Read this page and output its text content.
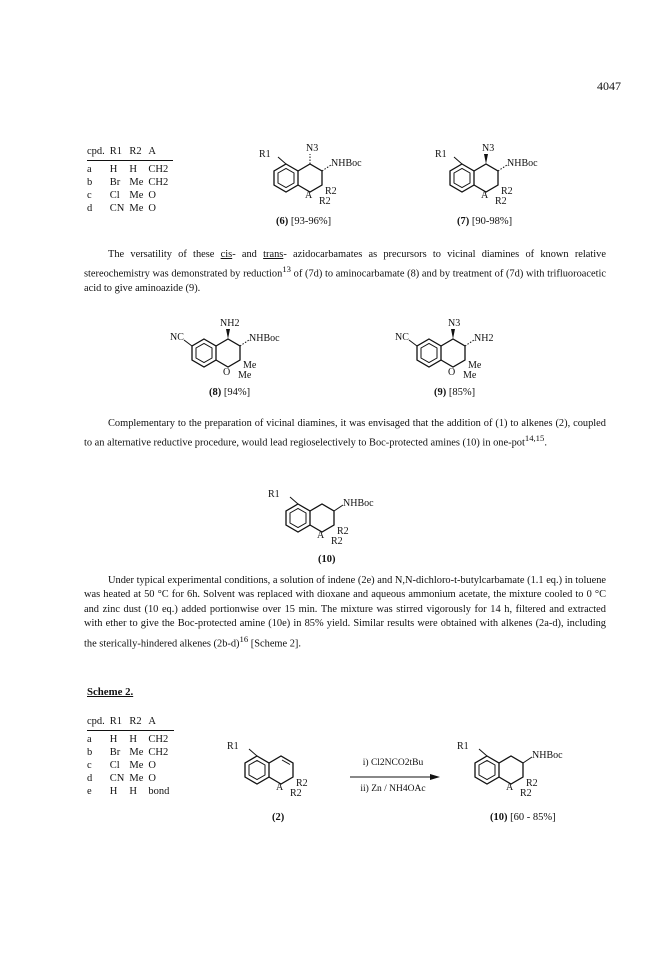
4047
cpd.	R1	R2	A
a	H	H	CH2
b	Br	Me	CH2
c	Cl	Me	O
d	CN	Me	O
R1
N3
NHBoc
A R2
R2
(6) [93-96%]
R1
N3
NHBoc
A R2
R2
(7) [90-98%]

The versatility of these cis- and trans- azidocarbamates as precursors to vicinal diamines of known relative stereochemistry was demonstrated by reduction$^{13}$ of (7d) to aminocarbamate (8) and by treatment of (7d) with trifluoroacetic acid to give aminoazide (9).

NC
NH2
NHBoc
O
Me
Me
(8) [94%]
NC
N3
NH2
O
Me
Me
(9) [85%]

Complementary to the preparation of vicinal diamines, it was envisaged that the addition of (1) to alkenes (2), coupled to an alternative reductive procedure, would lead regioselectively to Boc-protected amines (10) in one-pot$^{14,15}$.

R1
NHBoc
A R2
R2
(10)

Under typical experimental conditions, a solution of indene (2e) and N,N-dichloro-t-butylcarbamate (1.1 eq.) in toluene was heated at 50 °C for 6h. Solvent was replaced with dioxane and aqueous ammonium acetate, the mixture cooled to 0 °C and zinc dust (10 eq.) added portionwise over 15 min. The mixture was stirred vigorously for 14 h, filtered and extracted with ether to give the Boc-protected amine (10e) in 85% yield. Similar results were obtained with alkenes (2a-d), including the sterically-hindered alkenes $(2b-d)^{16}$ [Scheme 2].

Scheme 2.
cpd.	R1	R2	A
a	H	H	CH2
b	Br	Me	CH2
c	Cl	Me	O
d	CN	Me	O
e	H	H	bond
R1
A R2
R2
(2)
i) Cl2NCO2tBu
ii) Zn / NH4OAc
R1
NHBoc
A R2
R2
(10) [60 - 85%]
